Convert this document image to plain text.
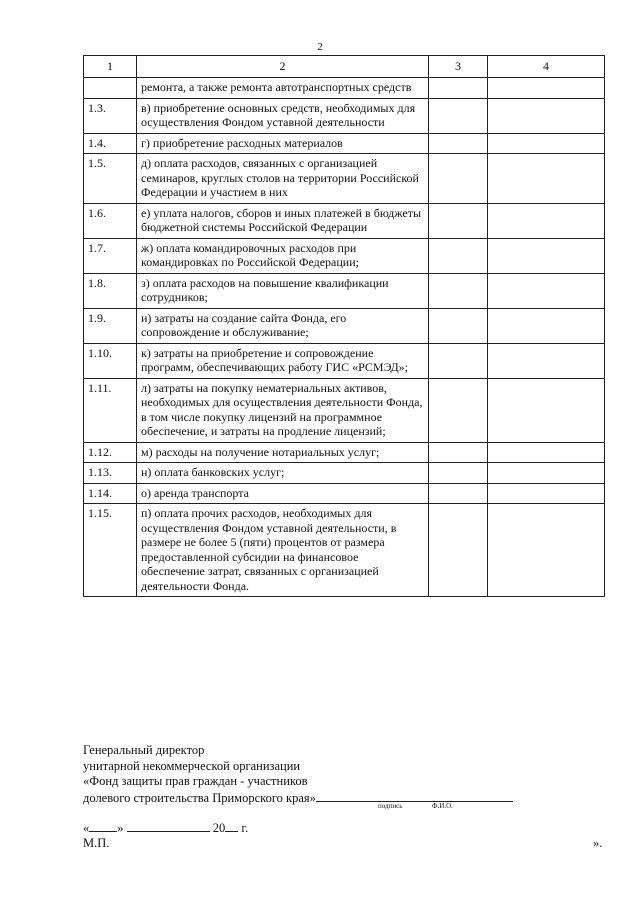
2
1	2	3	4
	ремонта, а также ремонта автотранспортных средств		
1.3.	в) приобретение основных средств, необходимых для осуществления Фондом уставной деятельности		
1.4.	г) приобретение расходных материалов		
1.5.	д) оплата расходов, связанных с организацией семинаров, круглых столов на территории Российской Федерации и участием в них		
1.6.	е) уплата налогов, сборов и иных платежей в бюджеты бюджетной системы Российской Федерации		
1.7.	ж) оплата командировочных расходов при командировках по Российской Федерации;		
1.8.	з) оплата расходов на повышение квалификации сотрудников;		
1.9.	и) затраты на создание сайта Фонда, его сопровождение и обслуживание;		
1.10.	к) затраты на приобретение и сопровождение программ, обеспечивающих работу ГИС «РСМЭД»;		
1.11.	л) затраты на покупку нематериальных активов, необходимых для осуществления деятельности Фонда, в том числе покупку лицензий на программное обеспечение, и затраты на продление лицензий;		
1.12.	м) расходы на получение нотариальных услуг;		
1.13.	н) оплата банковских услуг;		
1.14.	о) аренда транспорта		
1.15.	п) оплата прочих расходов, необходимых для осуществления Фондом уставной деятельности, в размере не более 5 (пяти) процентов от размера предоставленной субсидии на финансовое обеспечение затрат, связанных с организацией деятельности Фонда.		
Генеральный директор
унитарной некоммерческой организации
«Фонд защиты прав граждан - участников
долевого строительства Приморского края»
подпись	Ф.И.О.
« »	20 г.
М.П.	».
